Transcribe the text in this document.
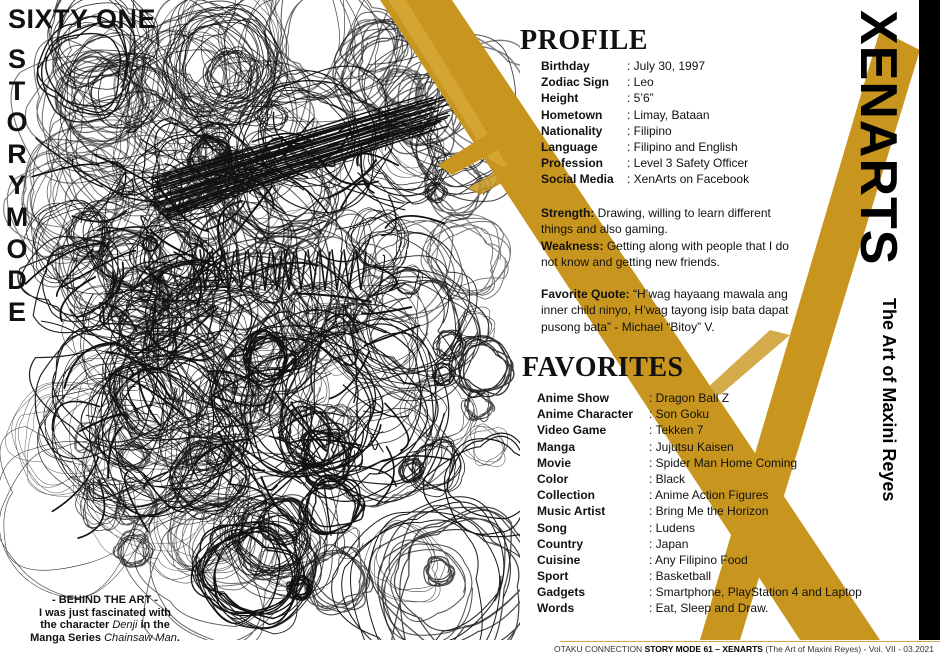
SIXTY ONE
S
T
O
R
Y
M
O
D
E
- BEHIND THE ART -
I was just fascinated with
the character Denji in the
Manga Series Chainsaw Man.
PROFILE
Birthday	: July 30, 1997
Zodiac Sign : Leo
Height	: 5’6”
Hometown : Limay, Bataan
Nationality : Filipino
Language : Filipino and English
Profession : Level 3 Safety Officer
Social Media : XenArts on Facebook
Strength: Drawing, willing to learn different things and also gaming.
Weakness: Getting along with people that I do not know and getting new friends.
Favorite Quote: “H’wag hayaang mawala ang inner child ninyo, H’wag tayong isip bata dapat pusong bata” - Michael “Bitoy” V.
FAVORITES
Anime Show	: Dragon Ball Z
Anime Character : Son Goku
Video Game	: Tekken 7
Manga	: Jujutsu Kaisen
Movie	: Spider Man Home Coming
Color	: Black
Collection	: Anime Action Figures
Music Artist	: Bring Me the Horizon
Song	: Ludens
Country	: Japan
Cuisine	: Any Filipino Food
Sport	: Basketball
Gadgets	: Smartphone, PlayStation 4 and Laptop
Words	: Eat, Sleep and Draw.
XENARTS
The Art of Maxini Reyes
OTAKU CONNECTION STORY MODE 61 – XENARTS (The Art of Maxini Reyes) - Vol. VII - 03.2021
